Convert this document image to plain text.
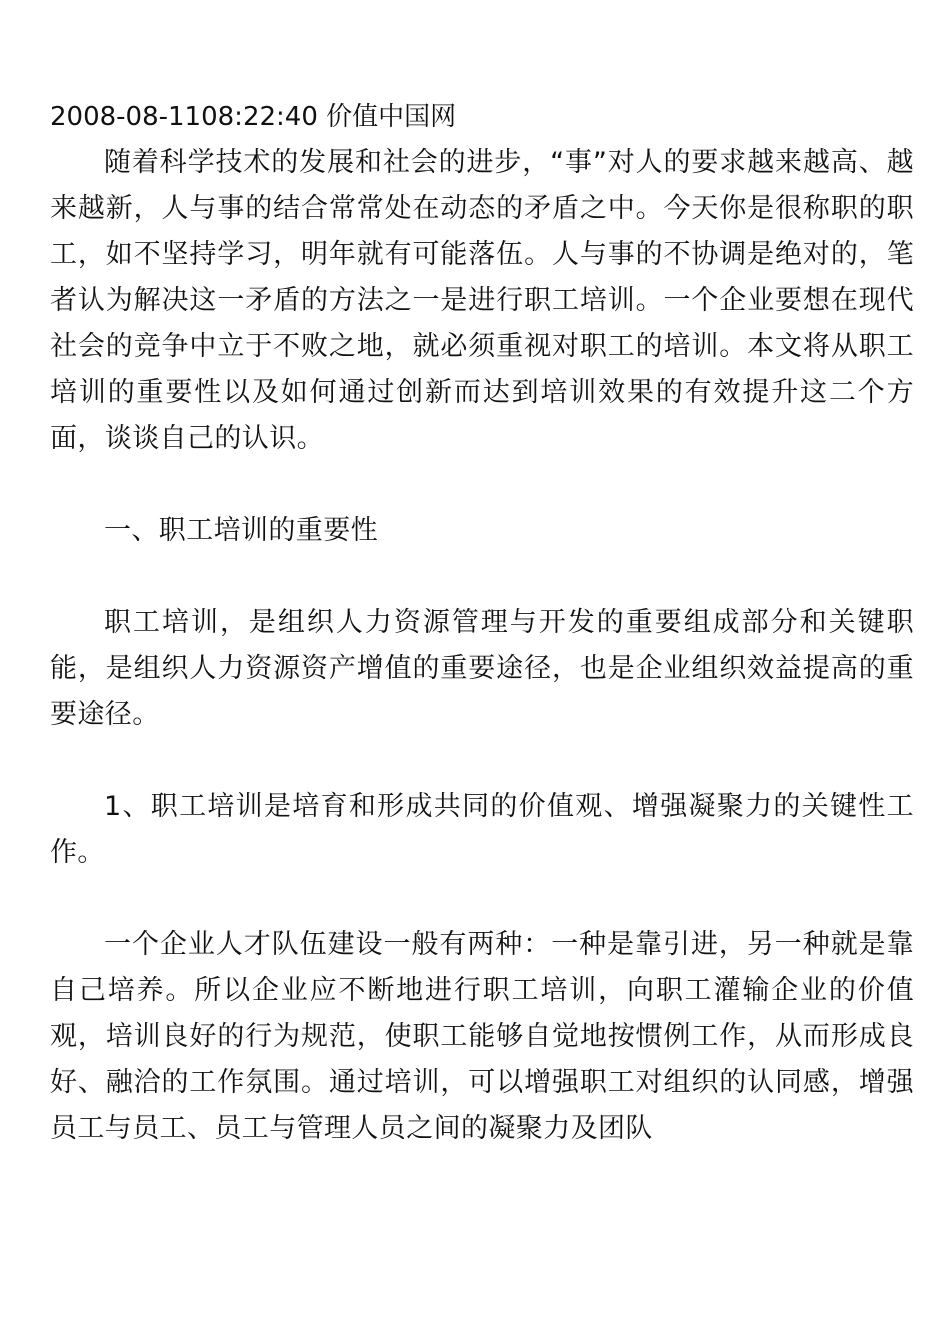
2008-08-1108:22:40 价值中国网

随着科学技术的发展和社会的进步，“事”对人的要求越来越高、越来越新，人与事的结合常常处在动态的矛盾之中。今天你是很称职的职工，如不坚持学习，明年就有可能落伍。人与事的不协调是绝对的，笔者认为解决这一矛盾的方法之一是进行职工培训。一个企业要想在现代社会的竞争中立于不败之地，就必须重视对职工的培训。本文将从职工培训的重要性以及如何通过创新而达到培训效果的有效提升这二个方面，谈谈自己的认识。

一、职工培训的重要性

职工培训，是组织人力资源管理与开发的重要组成部分和关键职能，是组织人力资源资产增值的重要途径，也是企业组织效益提高的重要途径。

1、职工培训是培育和形成共同的价值观、增强凝聚力的关键性工作。

一个企业人才队伍建设一般有两种：一种是靠引进，另一种就是靠自己培养。所以企业应不断地进行职工培训，向职工灌输企业的价值观，培训良好的行为规范，使职工能够自觉地按惯例工作，从而形成良好、融洽的工作氛围。通过培训，可以增强职工对组织的认同感，增强员工与员工、员工与管理人员之间的凝聚力及团队
